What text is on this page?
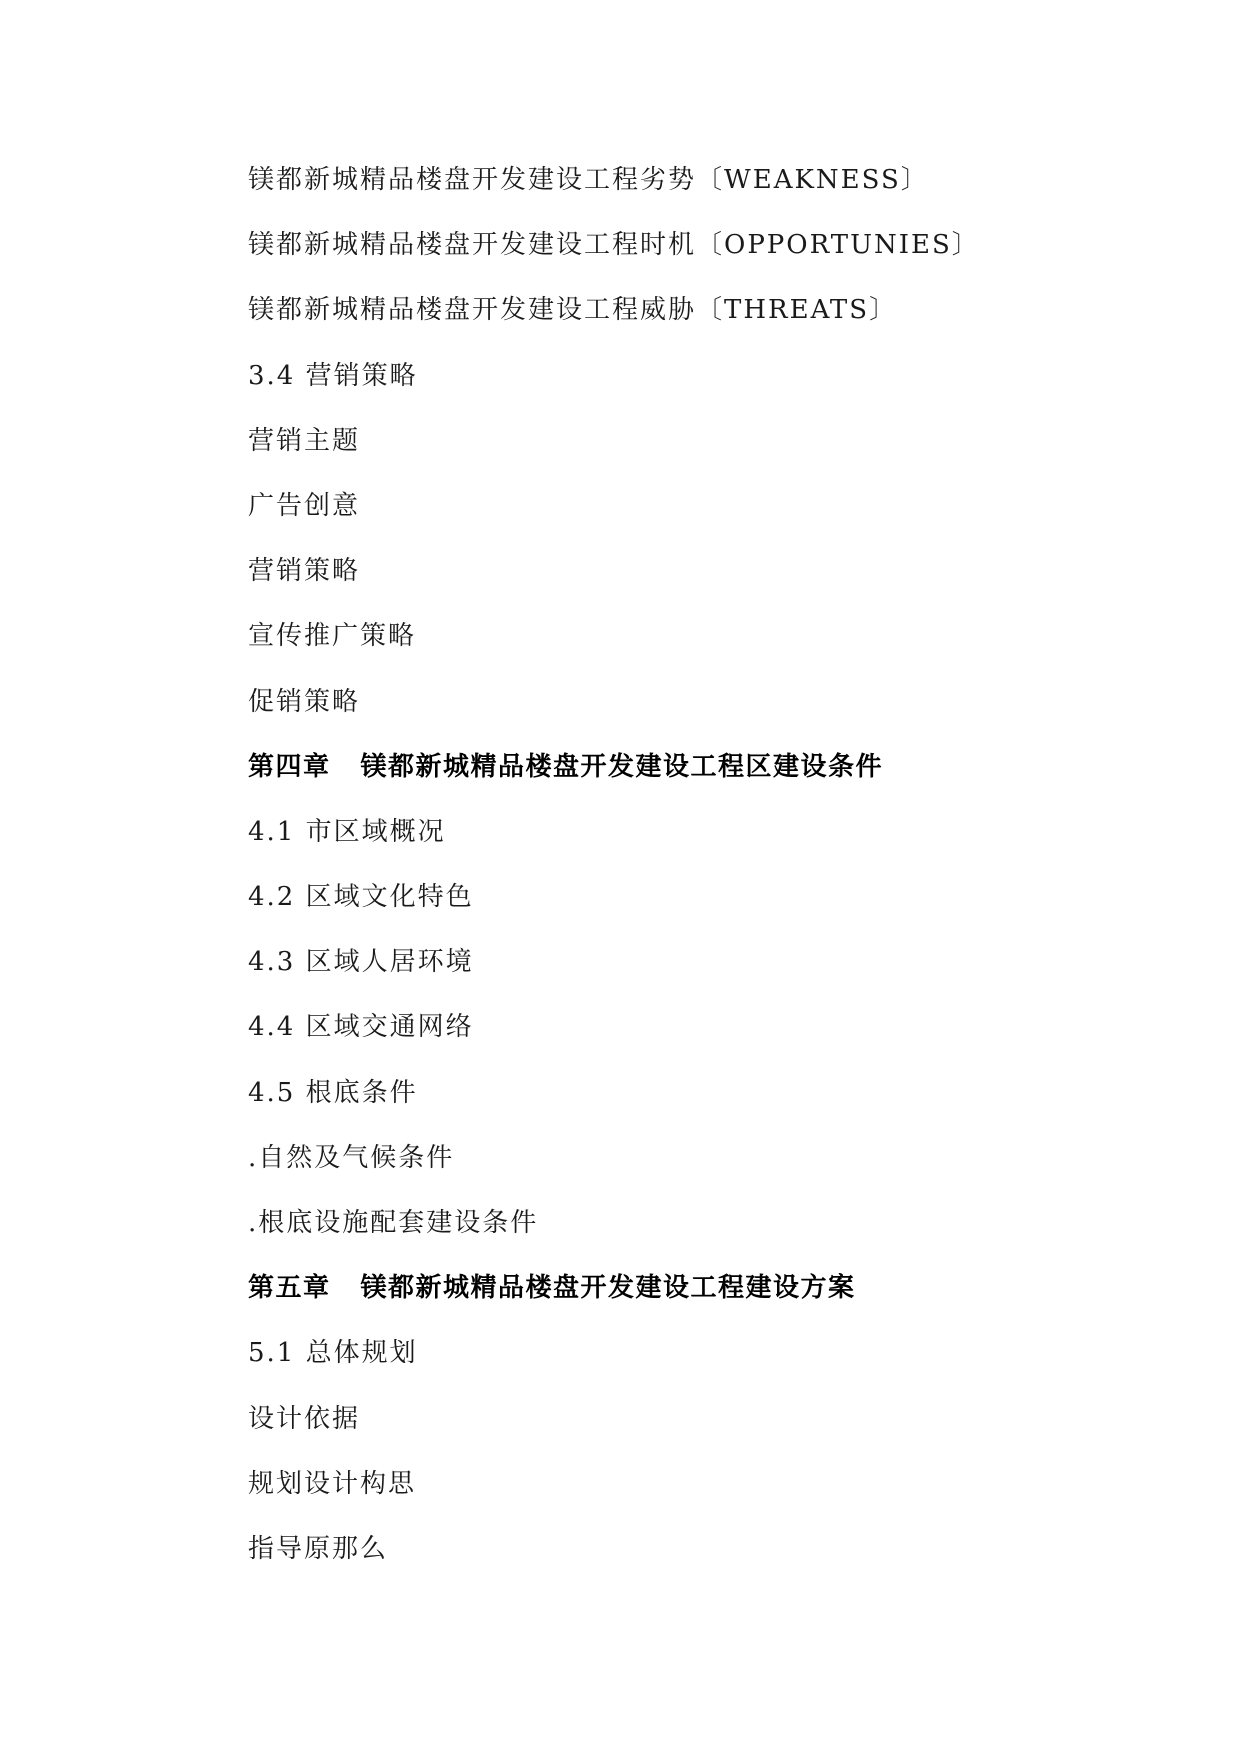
镁都新城精品楼盘开发建设工程劣势〔WEAKNESS〕
镁都新城精品楼盘开发建设工程时机〔OPPORTUNIES〕
镁都新城精品楼盘开发建设工程威胁〔THREATS〕
3.4 营销策略
营销主题
广告创意
营销策略
宣传推广策略
促销策略
第四章 镁都新城精品楼盘开发建设工程区建设条件
4.1 市区域概况
4.2 区域文化特色
4.3 区域人居环境
4.4 区域交通网络
4.5 根底条件
.自然及气候条件
.根底设施配套建设条件
第五章 镁都新城精品楼盘开发建设工程建设方案
5.1 总体规划
设计依据
规划设计构思
指导原那么
